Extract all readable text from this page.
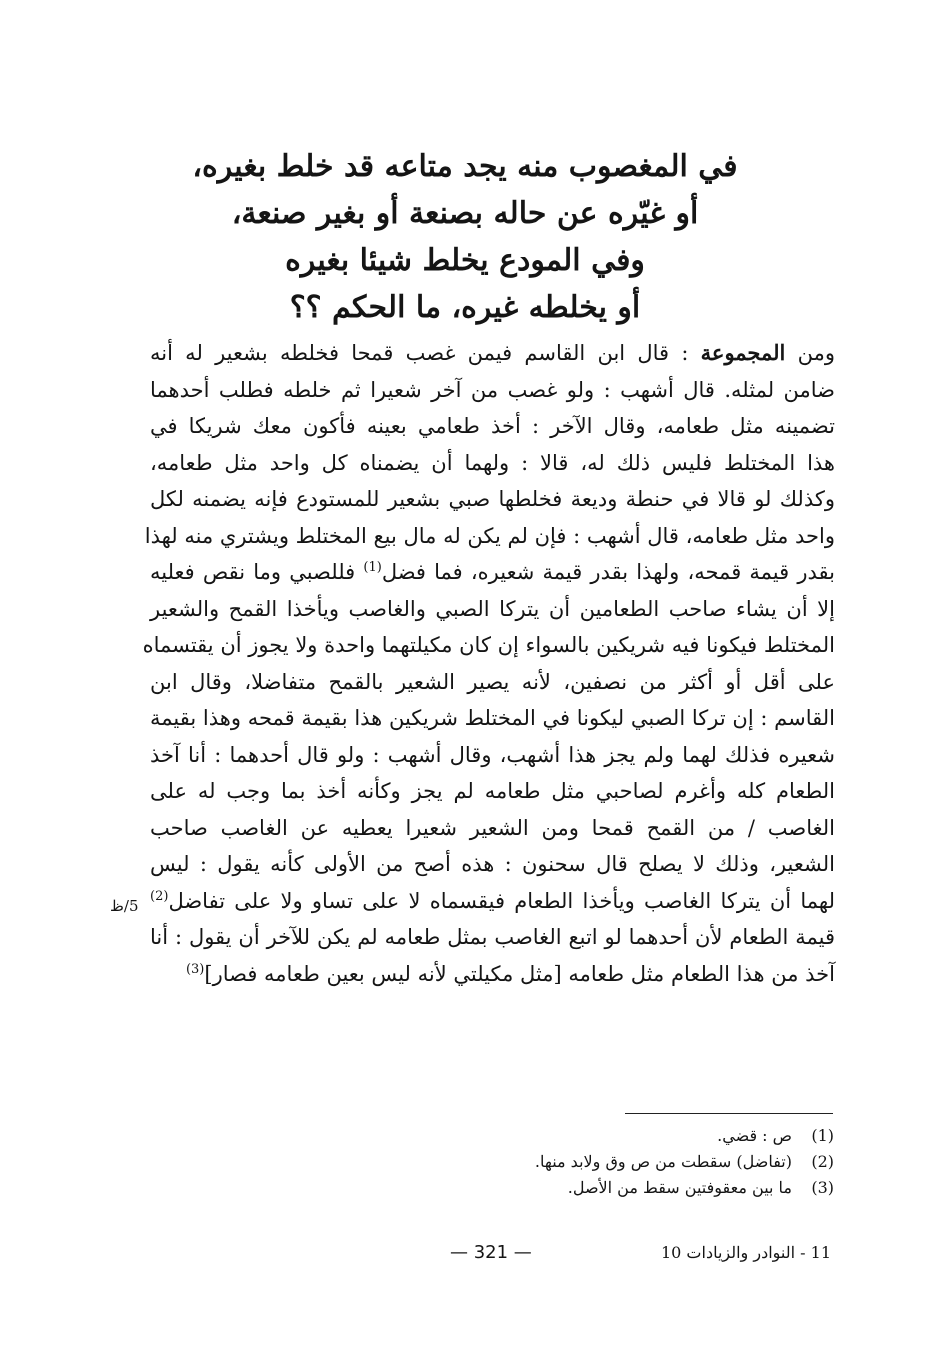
في المغصوب منه يجد متاعه قد خلط بغيره،
أو غيّره عن حاله بصنعة أو بغير صنعة،
وفي المودع يخلط شيئا بغيره
أو يخلطه غيره، ما الحكم ؟؟
ومن المجموعة : قال ابن القاسم فيمن غصب قمحا فخلطه بشعير له أنه
ضامن لمثله. قال أشهب : ولو غصب من آخر شعيرا ثم خلطه فطلب أحدهما
تضمينه مثل طعامه، وقال الآخر : أخذ طعامي بعينه فأكون معك شريكا في
هذا المختلط فليس ذلك له، قالا : ولهما أن يضمناه كل واحد مثل طعامه،
وكذلك لو قالا في حنطة وديعة فخلطها صبي بشعير للمستودع فإنه يضمنه لكل
واحد مثل طعامه، قال أشهب : فإن لم يكن له مال بيع المختلط ويشتري منه لهذا
بقدر قيمة قمحه، ولهذا بقدر قيمة شعيره، فما فضل$^{(1)}$ فللصبي وما نقص فعليه
إلا أن يشاء صاحب الطعامين أن يتركا الصبي والغاصب ويأخذا القمح والشعير
المختلط فيكونا فيه شريكين بالسواء إن كان مكيلتهما واحدة ولا يجوز أن يقتسماه
على أقل أو أكثر من نصفين، لأنه يصير الشعير بالقمح متفاضلا، وقال ابن
القاسم : إن تركا الصبي ليكونا في المختلط شريكين هذا بقيمة قمحه وهذا بقيمة
شعيره فذلك لهما ولم يجز هذا أشهب، وقال أشهب : ولو قال أحدهما : أنا آخذ
الطعام كله وأغرم لصاحبي مثل طعامه لم يجز وكأنه أخذ بما وجب له على
الغاصب / من القمح قمحا ومن الشعير شعيرا يعطيه عن الغاصب صاحب
الشعير، وذلك لا يصلح قال سحنون : هذه أصح من الأولى كأنه يقول : ليس
لهما أن يتركا الغاصب ويأخذا الطعام فيقسماه لا على تساو ولا على تفاضل$^{(2)}$
قيمة الطعام لأن أحدهما لو اتبع الغاصب بمثل طعامه لم يكن للآخر أن يقول : أنا
آخذ من هذا الطعام مثل طعامه [مثل مكيلتي لأنه ليس بعين طعامه فصار]$^{(3)}$
5/ظ
(1)ص : قضي.
(2)(تفاضل) سقطت من ص وق ولابد منها.
(3)ما بين معقوفتين سقط من الأصل.
— 321 —	11 - النوادر والزيادات 10
